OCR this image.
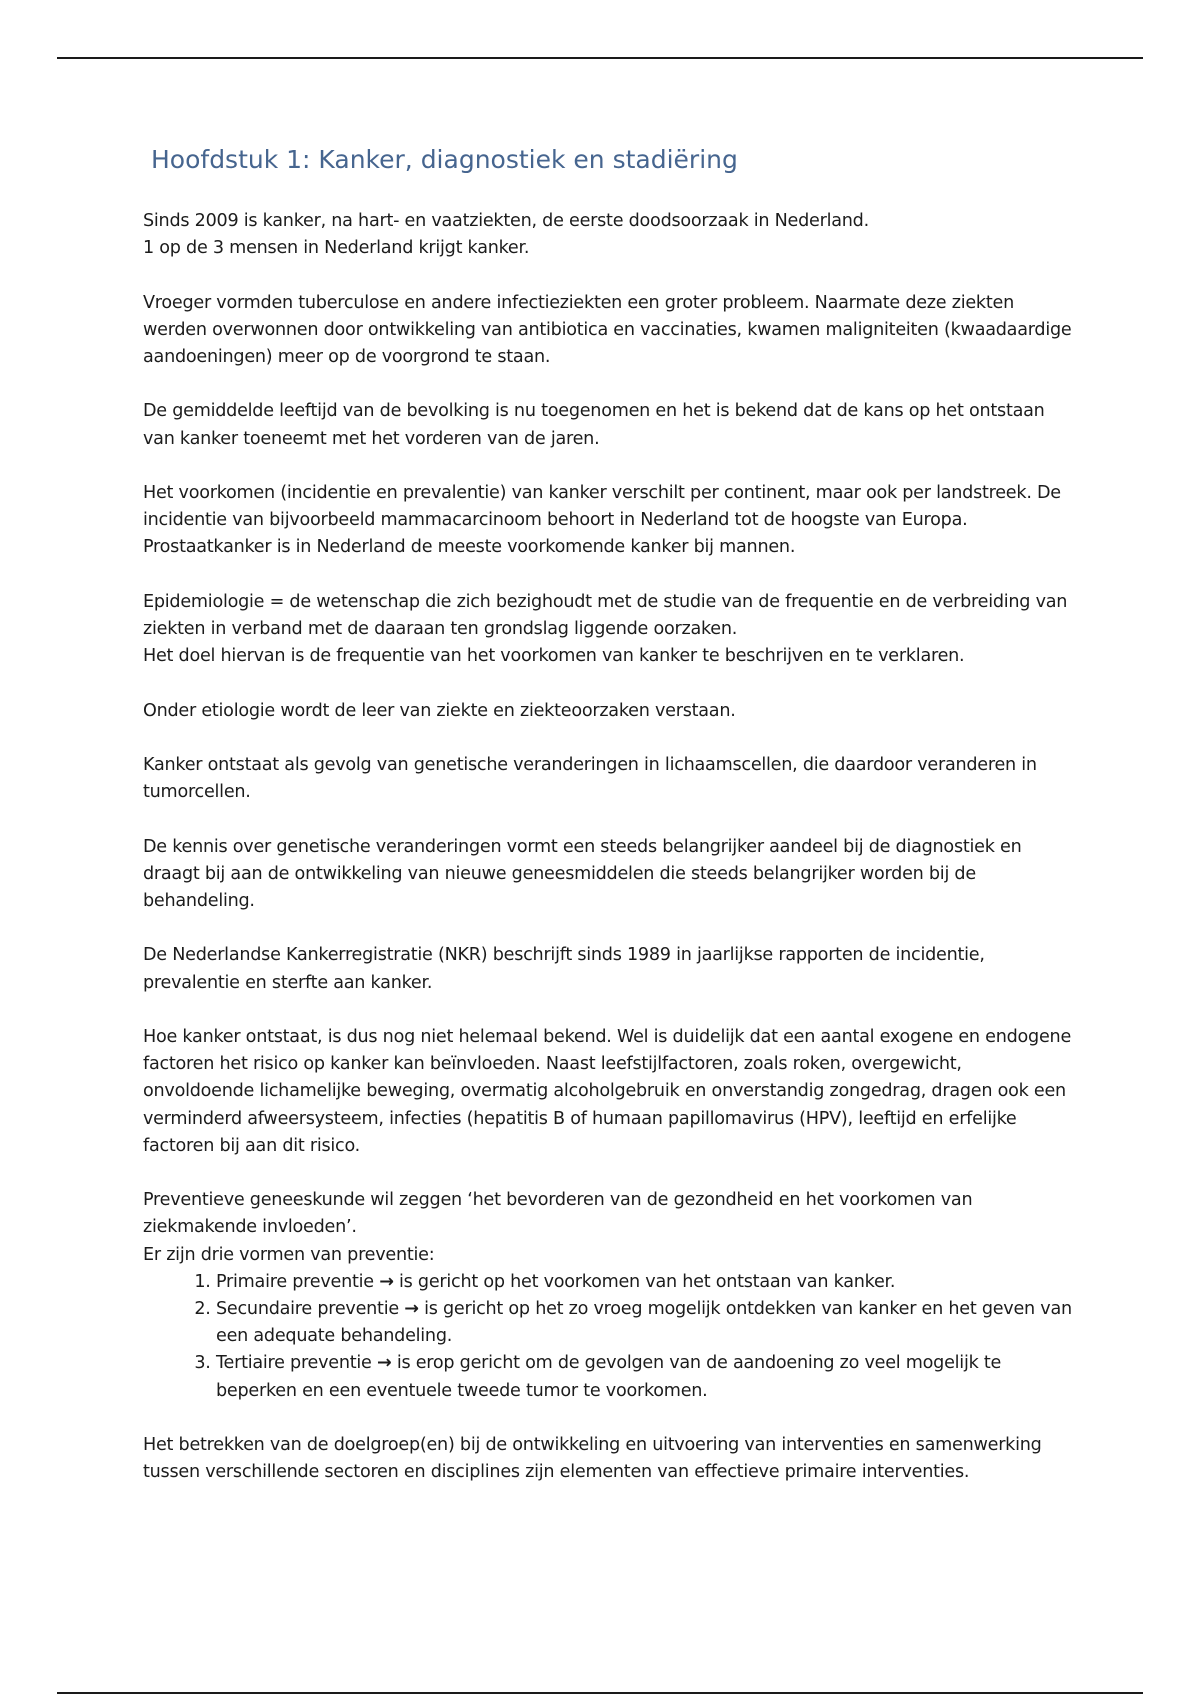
Hoofdstuk 1: Kanker, diagnostiek en stadiëring

Sinds 2009 is kanker, na hart- en vaatziekten, de eerste doodsoorzaak in Nederland.
1 op de 3 mensen in Nederland krijgt kanker.

Vroeger vormden tuberculose en andere infectieziekten een groter probleem. Naarmate deze ziekten werden overwonnen door ontwikkeling van antibiotica en vaccinaties, kwamen maligniteiten (kwaadaardige aandoeningen) meer op de voorgrond te staan.

De gemiddelde leeftijd van de bevolking is nu toegenomen en het is bekend dat de kans op het ontstaan van kanker toeneemt met het vorderen van de jaren.

Het voorkomen (incidentie en prevalentie) van kanker verschilt per continent, maar ook per landstreek. De incidentie van bijvoorbeeld mammacarcinoom behoort in Nederland tot de hoogste van Europa. Prostaatkanker is in Nederland de meeste voorkomende kanker bij mannen.

Epidemiologie = de wetenschap die zich bezighoudt met de studie van de frequentie en de verbreiding van ziekten in verband met de daaraan ten grondslag liggende oorzaken.
Het doel hiervan is de frequentie van het voorkomen van kanker te beschrijven en te verklaren.

Onder etiologie wordt de leer van ziekte en ziekteoorzaken verstaan.

Kanker ontstaat als gevolg van genetische veranderingen in lichaamscellen, die daardoor veranderen in tumorcellen.

De kennis over genetische veranderingen vormt een steeds belangrijker aandeel bij de diagnostiek en draagt bij aan de ontwikkeling van nieuwe geneesmiddelen die steeds belangrijker worden bij de behandeling.

De Nederlandse Kankerregistratie (NKR) beschrijft sinds 1989 in jaarlijkse rapporten de incidentie, prevalentie en sterfte aan kanker.

Hoe kanker ontstaat, is dus nog niet helemaal bekend. Wel is duidelijk dat een aantal exogene en endogene factoren het risico op kanker kan beïnvloeden. Naast leefstijlfactoren, zoals roken, overgewicht, onvoldoende lichamelijke beweging, overmatig alcoholgebruik en onverstandig zongedrag, dragen ook een verminderd afweersysteem, infecties (hepatitis B of humaan papillomavirus (HPV), leeftijd en erfelijke factoren bij aan dit risico.

Preventieve geneeskunde wil zeggen ‘het bevorderen van de gezondheid en het voorkomen van ziekmakende invloeden’.
Er zijn drie vormen van preventie:

1. Primaire preventie → is gericht op het voorkomen van het ontstaan van kanker.
2. Secundaire preventie → is gericht op het zo vroeg mogelijk ontdekken van kanker en het geven van een adequate behandeling.
3. Tertiaire preventie → is erop gericht om de gevolgen van de aandoening zo veel mogelijk te beperken en een eventuele tweede tumor te voorkomen.

Het betrekken van de doelgroep(en) bij de ontwikkeling en uitvoering van interventies en samenwerking tussen verschillende sectoren en disciplines zijn elementen van effectieve primaire interventies.
